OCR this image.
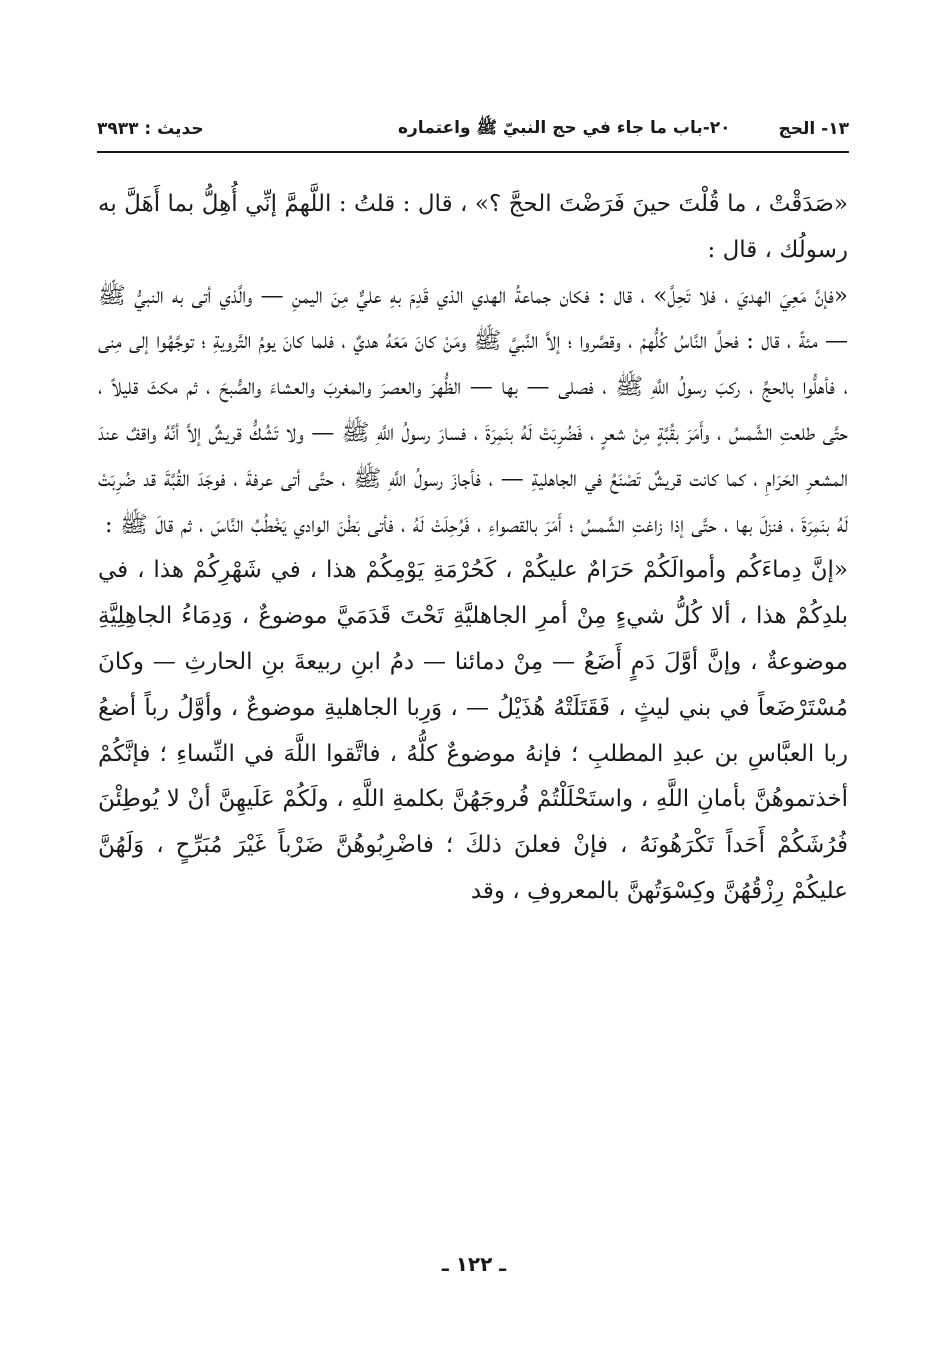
١٣- الحج
٢٠-باب ما جاء في حج النبيّ ﷺ واعتماره
حديث : ٣٩٣٣

«صَدَقْتْ ، ما قُلْتَ حينَ فَرَضْتَ الحجَّ ؟» ، قال : قلتُ : اللَّهمَّ إنِّي أُهِلُّ بما أَهَلَّ به رسولُك ، قال :

«فإنَّ مَعِيَ الهديَ ، فلا تَحِلَّ» ، قال : فكان جماعةُ الهدي الذي قَدِمَ بهِ عليٌّ مِنَ اليمنِ — والَّذي أتى به النبيُّ ﷺ — مئةً ، قال : فحلَّ النَّاسُ كُلُّهمْ ، وقصَّروا ؛ إلاَّ النَّبيَّ ﷺ ومَنْ كانَ مَعَهُ هديٌ ، فلما كانَ يومُ التَّرويةِ ؛ توجَّهُوا إلى مِنى ، فأهلُّوا بالحجِّ ، ركبَ رسولُ اللَّهِ ﷺ ، فصلى — بها — الظُّهرَ والعصرَ والمغربَ والعشاءَ والصُّبحَ ، ثم مكثَ قليلاً ، حتَّى طلعتِ الشَّمسُ ، وأَمَرَ بقُبَّةٍ مِنْ شعرٍ ، فَضُرِبَتْ لَهُ بنَمِرَةَ ، فسارَ رسولُ اللَّهِ ﷺ — ولا تَشُكُّ قريشٌ إلاَّ أنَّهُ واقفٌ عندَ المشعرِ الحَرَامِ ، كما كانت قريشٌ تَصْنَعُ في الجاهليةِ — ، فأجازَ رسولُ اللَّهِ ﷺ ، حتَّى أتى عرفةَ ، فوجَدَ القُبَّةَ قد ضُرِبَتْ لَهُ بنَمِرَةَ ، فنزلَ بها ، حتَّى إذا زاغتِ الشَّمسُ ؛ أَمَرَ بالقصواءِ ، فَرُحِلَتْ لَهُ ، فأتى بَطْنَ الوادي يَخْطُبُ النَّاسَ ، ثم قالَ ﷺ :

«إنَّ دِماءَكُم وأموالَكُمْ حَرَامٌ عليكُمْ ، كَحُرْمَةِ يَوْمِكُمْ هذا ، في شَهْرِكُمْ هذا ، في بلدِكُمْ هذا ، ألا كُلُّ شيءٍ مِنْ أمرِ الجاهليَّةِ تَحْتَ قَدَمَيَّ موضوعٌ ، وَدِمَاءُ الجاهِلِيَّةِ موضوعةٌ ، وإنَّ أوَّلَ دَمٍ أَضَعُ — مِنْ دمائنا — دمُ ابنِ ربيعةَ بنِ الحارثِ — وكانَ مُسْتَرْضَعاً في بني ليثٍ ، فَقَتَلَتْهُ هُذَيْلُ — ، وَرِبا الجاهليةِ موضوعٌ ، وأوَّلُ رباً أضعُ ربا العبَّاسِ بن عبدِ المطلبِ ؛ فإنهُ موضوعٌ كلُّهُ ، فاتَّقوا اللَّهَ في النِّساءِ ؛ فإنَّكُمْ أخذتموهُنَّ بأمانِ اللَّهِ ، واستَحْلَلْتُمْ فُروجَهُنَّ بكلمةِ اللَّهِ ، ولَكُمْ عَلَيهِنَّ أنْ لا يُوطِئْنَ فُرُشَكُمْ أَحَداً تَكْرَهُونَهُ ، فإنْ فعلنَ ذلكَ ؛ فاضْرِبُوهُنَّ ضَرْباً غَيْرَ مُبَرِّحٍ ، وَلَهُنَّ عليكُمْ رِزْقُهُنَّ وكِسْوَتُهنَّ بالمعروفِ ، وقد

ـ ١٢٢ ـ
